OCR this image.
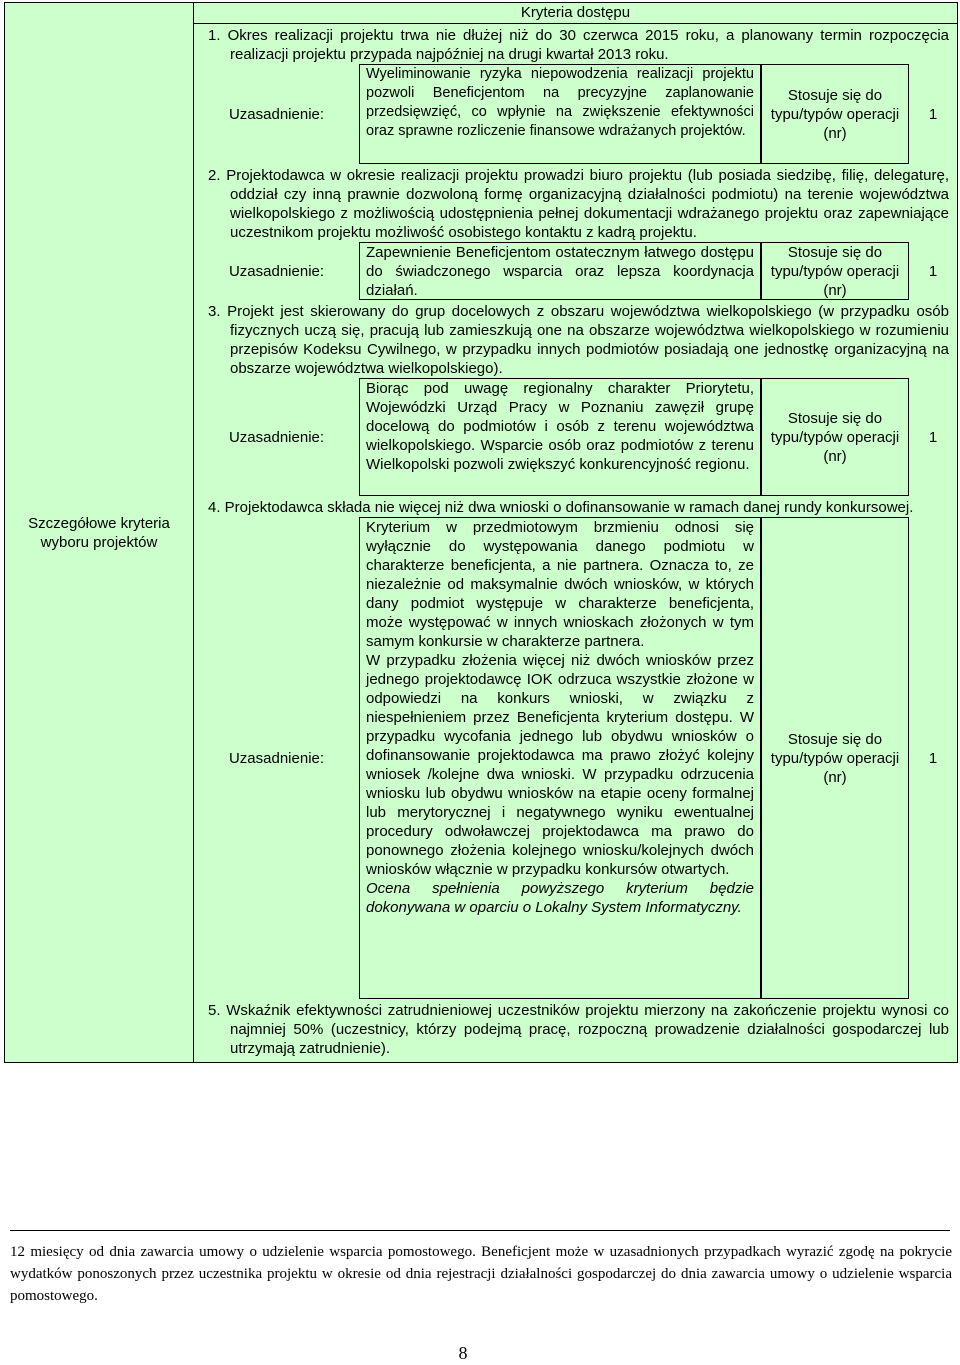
Szczegółowe kryteria wyboru projektów	
Kryteria dostępu
1. Okres realizacji projektu trwa nie dłużej niż do 30 czerwca 2015 roku, a planowany termin rozpoczęcia realizacji projektu przypada najpóźniej na drugi kwartał 2013 roku.
Uzasadnienie:
Wyeliminowanie ryzyka niepowodzenia realizacji projektu pozwoli Beneficjentom na precyzyjne zaplanowanie przedsięwzięć, co wpłynie na zwiększenie efektywności oraz sprawne rozliczenie finansowe wdrażanych projektów.
Stosuje się do typu/typów operacji (nr)
1
2. Projektodawca w okresie realizacji projektu prowadzi biuro projektu (lub posiada siedzibę, filię, delegaturę, oddział czy inną prawnie dozwoloną formę organizacyjną działalności podmiotu) na terenie województwa wielkopolskiego z możliwością udostępnienia pełnej dokumentacji wdrażanego projektu oraz zapewniające uczestnikom projektu możliwość osobistego kontaktu z kadrą projektu.
Uzasadnienie:
Zapewnienie Beneficjentom ostatecznym łatwego dostępu do świadczonego wsparcia oraz lepsza koordynacja działań.
Stosuje się do typu/typów operacji (nr)
1
3. Projekt jest skierowany do grup docelowych z obszaru województwa wielkopolskiego (w przypadku osób fizycznych uczą się, pracują lub zamieszkują one na obszarze województwa wielkopolskiego w rozumieniu przepisów Kodeksu Cywilnego, w przypadku innych podmiotów posiadają one jednostkę organizacyjną na obszarze województwa wielkopolskiego).
Uzasadnienie:
Biorąc pod uwagę regionalny charakter Priorytetu, Wojewódzki Urząd Pracy w Poznaniu zawęził grupę docelową do podmiotów i osób z terenu województwa wielkopolskiego. Wsparcie osób oraz podmiotów z terenu Wielkopolski pozwoli zwiększyć konkurencyjność regionu.
Stosuje się do typu/typów operacji (nr)
1
4. Projektodawca składa nie więcej niż dwa wnioski o dofinansowanie w ramach danej rundy konkursowej.
Uzasadnienie:
Kryterium w przedmiotowym brzmieniu odnosi się wyłącznie do występowania danego podmiotu w charakterze beneficjenta, a nie partnera. Oznacza to, ze niezależnie od maksymalnie dwóch wniosków, w których dany podmiot występuje w charakterze beneficjenta, może występować w innych wnioskach złożonych w tym samym konkursie w charakterze partnera.
W przypadku złożenia więcej niż dwóch wniosków przez jednego projektodawcę IOK odrzuca wszystkie złożone w odpowiedzi na konkurs wnioski, w związku z niespełnieniem przez Beneficjenta kryterium dostępu. W przypadku wycofania jednego lub obydwu wniosków o dofinansowanie projektodawca ma prawo złożyć kolejny wniosek /kolejne dwa wnioski. W przypadku odrzucenia wniosku lub obydwu wniosków na etapie oceny formalnej lub merytorycznej i negatywnego wyniku ewentualnej procedury odwoławczej projektodawca ma prawo do ponownego złożenia kolejnego wniosku/kolejnych dwóch wniosków włącznie w przypadku konkursów otwartych.
Ocena spełnienia powyższego kryterium będzie dokonywana w oparciu o Lokalny System Informatyczny.
Stosuje się do typu/typów operacji (nr)
1
5. Wskaźnik efektywności zatrudnieniowej uczestników projektu mierzony na zakończenie projektu wynosi co najmniej 50% (uczestnicy, którzy podejmą pracę, rozpoczną prowadzenie działalności gospodarczej lub utrzymają zatrudnienie).
12 miesięcy od dnia zawarcia umowy o udzielenie wsparcia pomostowego. Beneficjent może w uzasadnionych przypadkach wyrazić zgodę na pokrycie wydatków ponoszonych przez uczestnika projektu w okresie od dnia rejestracji działalności gospodarczej do dnia zawarcia umowy o udzielenie wsparcia pomostowego.
8
